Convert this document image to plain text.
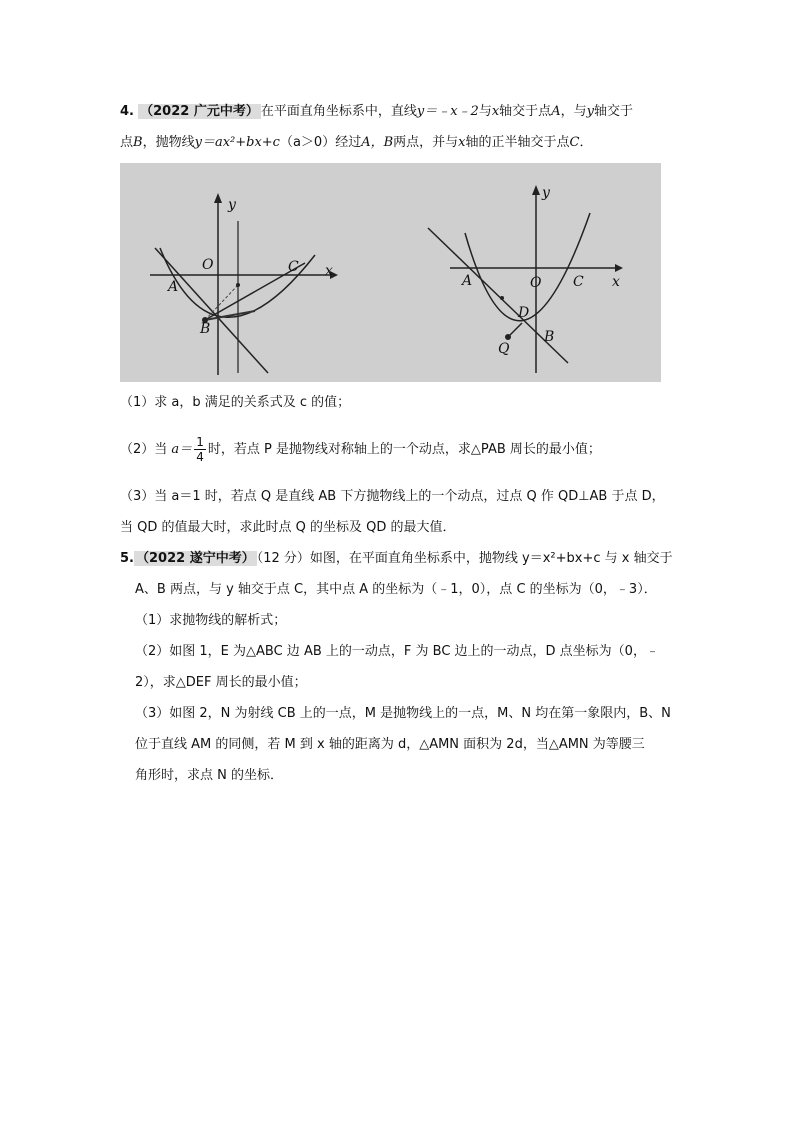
4. （2022 广元中考） 在平面直角坐标系中，直线y＝﹣x﹣2与x轴交于点A，与y轴交于
点B，抛物线y＝ax²+bx+c（a＞0）经过A，B两点，并与x轴的正半轴交于点C．
y
O	C x
A
B
y
A	O C x
D
B
Q
（1）求 a，b 满足的关系式及 c 的值；
（2）当 $a= \frac{1}{4}$ 时，若点 P 是抛物线对称轴上的一个动点，求△PAB 周长的最小值；
（3）当 a＝1 时，若点 Q 是直线 AB 下方抛物线上的一个动点，过点 Q 作 QD⊥AB 于点 D，
当 QD 的值最大时，求此时点 Q 的坐标及 QD 的最大值．
5. （2022 遂宁中考） （12 分）如图，在平面直角坐标系中，抛物线 y＝x²+bx+c 与 x 轴交于
A、B 两点，与 y 轴交于点 C，其中点 A 的坐标为（﹣1，0），点 C 的坐标为（0，﹣3）．
（1）求抛物线的解析式；
（2）如图 1，E 为△ABC 边 AB 上的一动点，F 为 BC 边上的一动点，D 点坐标为（0，﹣
2），求△DEF 周长的最小值；
（3）如图 2，N 为射线 CB 上的一点，M 是抛物线上的一点，M、N 均在第一象限内，B、N
位于直线 AM 的同侧，若 M 到 x 轴的距离为 d，△AMN 面积为 2d，当△AMN 为等腰三
角形时，求点 N 的坐标．
